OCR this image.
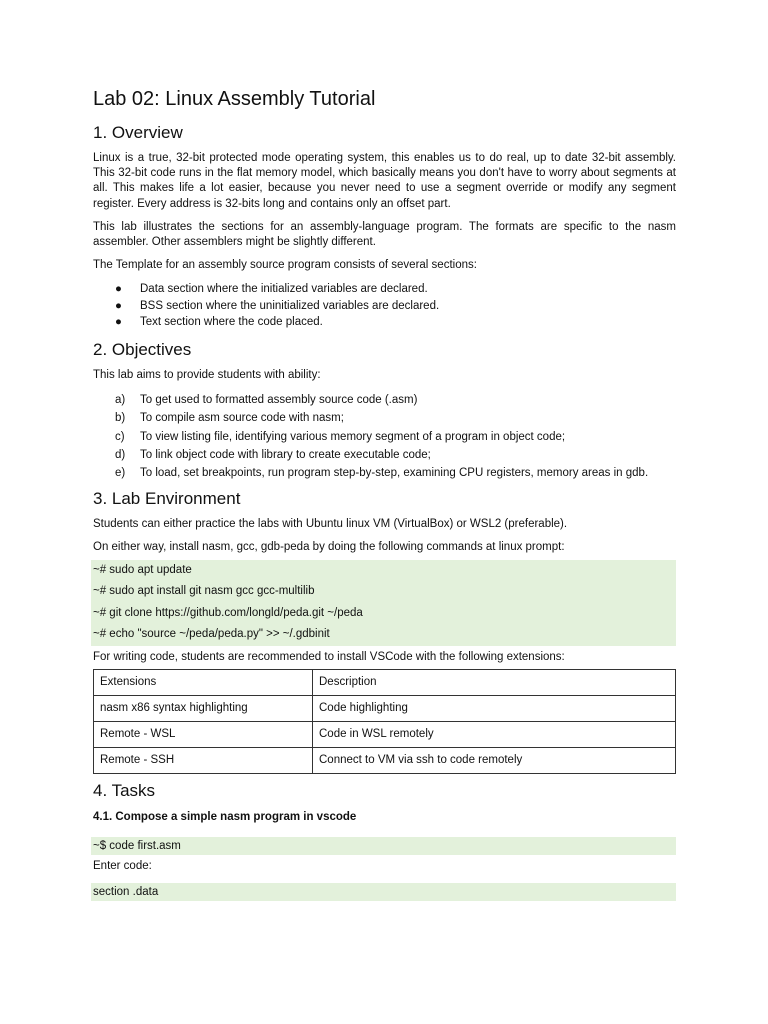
Lab 02: Linux Assembly Tutorial
1. Overview

Linux is a true, 32-bit protected mode operating system, this enables us to do real, up to date 32-bit assembly. This 32-bit code runs in the flat memory model, which basically means you don't have to worry about segments at all. This makes life a lot easier, because you never need to use a segment override or modify any segment register. Every address is 32-bits long and contains only an offset part.

This lab illustrates the sections for an assembly-language program. The formats are specific to the nasm assembler. Other assemblers might be slightly different.

The Template for an assembly source program consists of several sections:

● Data section where the initialized variables are declared.
● BSS section where the uninitialized variables are declared.
● Text section where the code placed.
2. Objectives

This lab aims to provide students with ability:

a) To get used to formatted assembly source code (.asm)
b) To compile asm source code with nasm;
c) To view listing file, identifying various memory segment of a program in object code;
d) To link object code with library to create executable code;
e) To load, set breakpoints, run program step-by-step, examining CPU registers, memory areas in gdb.
3. Lab Environment

Students can either practice the labs with Ubuntu linux VM (VirtualBox) or WSL2 (preferable).

On either way, install nasm, gcc, gdb-peda by doing the following commands at linux prompt:

~# sudo apt update
~# sudo apt install git nasm gcc gcc-multilib
~# git clone https://github.com/longld/peda.git ~/peda
~# echo "source ~/peda/peda.py" >> ~/.gdbinit

For writing code, students are recommended to install VSCode with the following extensions:

Extensions	Description
nasm x86 syntax highlighting	Code highlighting
Remote - WSL	Code in WSL remotely
Remote - SSH	Connect to VM via ssh to code remotely
4. Tasks
4.1. Compose a simple nasm program in vscode
~$ code first.asm

Enter code:

section .data
